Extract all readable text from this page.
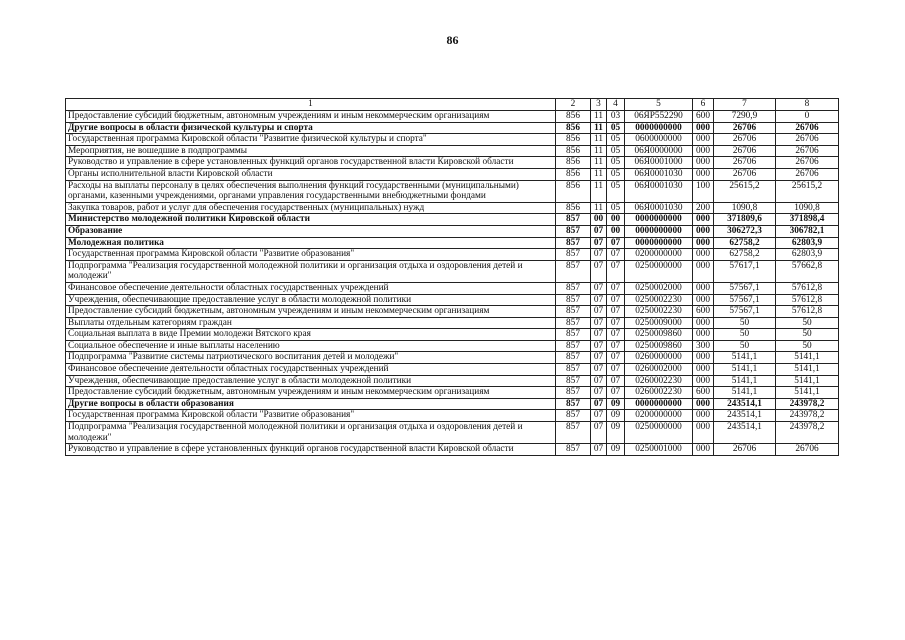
86
1	2	3	4	5	6	7	8
Предоставление субсидий бюджетным, автономным учреждениям и иным некоммерческим организациям	856	11	03	06ЯР552290	600	7290,9	0
Другие вопросы в области физической культуры и спорта	856	11	05	0000000000	000	26706	26706
Государственная программа Кировской области "Развитие физической культуры и спорта"	856	11	05	0600000000	000	26706	26706
Мероприятия, не вошедшие в подпрограммы	856	11	05	06Я0000000	000	26706	26706
Руководство и управление в сфере установленных функций органов государственной власти Кировской области	856	11	05	06Я0001000	000	26706	26706
Органы исполнительной власти Кировской области	856	11	05	06Я0001030	000	26706	26706
Расходы на выплаты персоналу в целях обеспечения выполнения функций государственными (муниципальными) органами, казенными учреждениями, органами управления государственными внебюджетными фондами	856	11	05	06Я0001030	100	25615,2	25615,2
Закупка товаров, работ и услуг для обеспечения государственных (муниципальных) нужд	856	11	05	06Я0001030	200	1090,8	1090,8
Министерство молодежной политики Кировской области	857	00	00	0000000000	000	371809,6	371898,4
Образование	857	07	00	0000000000	000	306272,3	306782,1
Молодежная политика	857	07	07	0000000000	000	62758,2	62803,9
Государственная программа Кировской области "Развитие образования"	857	07	07	0200000000	000	62758,2	62803,9
Подпрограмма "Реализация государственной молодежной политики и организация отдыха и оздоровления детей и молодежи"	857	07	07	0250000000	000	57617,1	57662,8
Финансовое обеспечение деятельности областных государственных учреждений	857	07	07	0250002000	000	57567,1	57612,8
Учреждения, обеспечивающие предоставление услуг в области молодежной политики	857	07	07	0250002230	000	57567,1	57612,8
Предоставление субсидий бюджетным, автономным учреждениям и иным некоммерческим организациям	857	07	07	0250002230	600	57567,1	57612,8
Выплаты отдельным категориям граждан	857	07	07	0250009000	000	50	50
Социальная выплата в виде Премии молодежи Вятского края	857	07	07	0250009860	000	50	50
Социальное обеспечение и иные выплаты населению	857	07	07	0250009860	300	50	50
Подпрограмма "Развитие системы патриотического воспитания детей и молодежи"	857	07	07	0260000000	000	5141,1	5141,1
Финансовое обеспечение деятельности областных государственных учреждений	857	07	07	0260002000	000	5141,1	5141,1
Учреждения, обеспечивающие предоставление услуг в области молодежной политики	857	07	07	0260002230	000	5141,1	5141,1
Предоставление субсидий бюджетным, автономным учреждениям и иным некоммерческим организациям	857	07	07	0260002230	600	5141,1	5141,1
Другие вопросы в области образования	857	07	09	0000000000	000	243514,1	243978,2
Государственная программа Кировской области "Развитие образования"	857	07	09	0200000000	000	243514,1	243978,2
Подпрограмма "Реализация государственной молодежной политики и организация отдыха и оздоровления детей и молодежи"	857	07	09	0250000000	000	243514,1	243978,2
Руководство и управление в сфере установленных функций органов государственной власти Кировской области	857	07	09	0250001000	000	26706	26706
